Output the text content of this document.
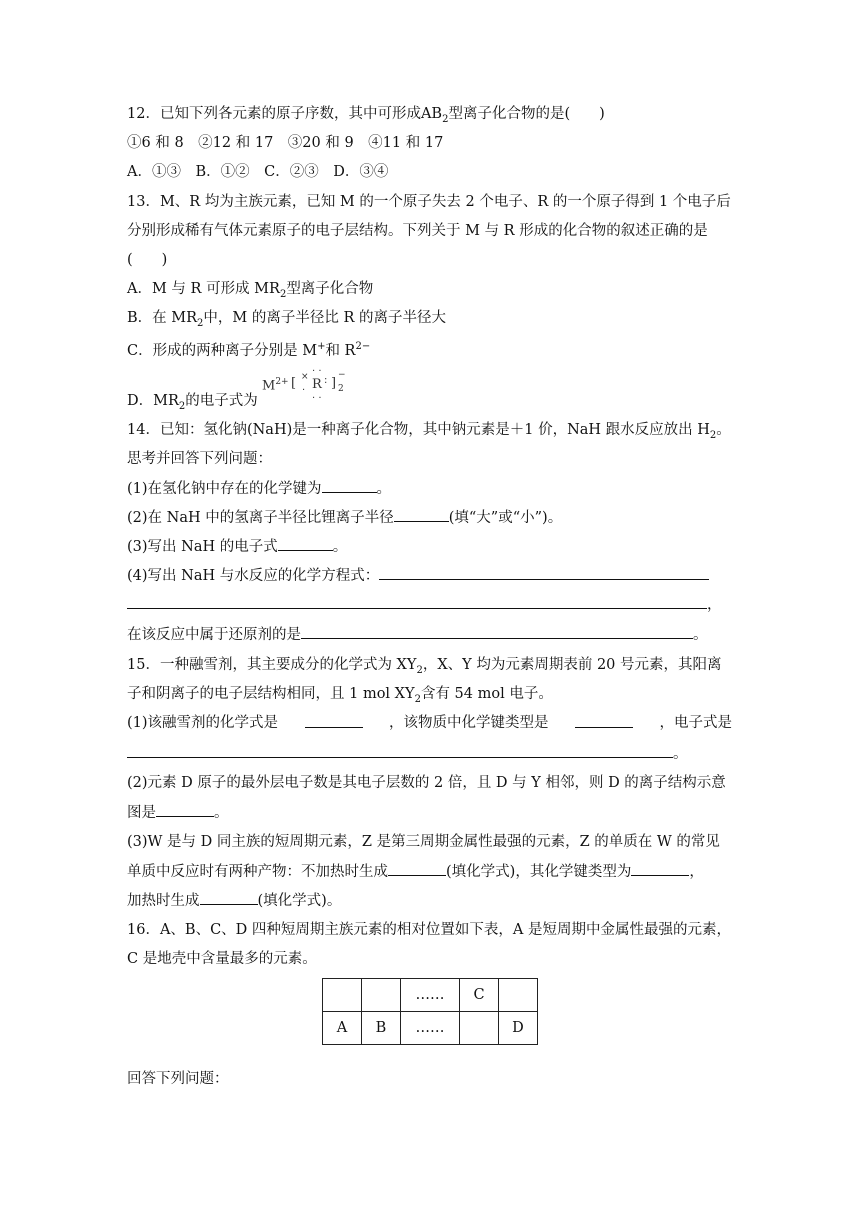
12．已知下列各元素的原子序数，其中可形成$AB_2$型离子化合物的是(　　)
①6 和 8　②12 和 17　③20 和 9　④11 和 17
A．①③　B．①②　C．②③　D．③④
13．M、R 均为主族元素，已知 M 的一个原子失去 2 个电子、R 的一个原子得到 1 个电子后
分别形成稀有气体元素原子的电子层结构。下列关于 M 与 R 形成的化合物的叙述正确的是
(　　)
A．M 与 R 可形成 $MR_2$型离子化合物
B．在 $MR_2$中，M 的离子半径比 R 的离子半径大
C．形成的两种离子分别是 M+和 $R^{2-}$
D．$MR_2$的电子式为
$M^{2+}$ [ ×
.
. .
R
. .
: ]
−
2
14．已知：氢化钠(NaH)是一种离子化合物，其中钠元素是＋1 价，NaH 跟水反应放出 $H_2$。
思考并回答下列问题：
(1)在氢化钠中存在的化学键为	。
(2)在 NaH 中的氢离子半径比锂离子半径	(填“大”或“小”)。
(3)写出 NaH 的电子式	。
(4)写出 NaH 与水反应的化学方程式：
，
在该反应中属于还原剂的是	。
15．一种融雪剂，其主要成分的化学式为 $XY_2$，X、Y 均为元素周期表前 20 号元素，其阳离
子和阴离子的电子层结构相同，且 1 mol $XY_2$含有 54 mol 电子。
(1)该融雪剂的化学式是	，该物质中化学键类型是	，电子式是
。
(2)元素 D 原子的最外层电子数是其电子层数的 2 倍，且 D 与 Y 相邻，则 D 的离子结构示意
图是	。
(3)W 是与 D 同主族的短周期元素，Z 是第三周期金属性最强的元素，Z 的单质在 W 的常见
单质中反应时有两种产物：不加热时生成	(填化学式)，其化学键类型为	，
加热时生成	(填化学式)。
16．A、B、C、D 四种短周期主族元素的相对位置如下表，A 是短周期中金属性最强的元素，
C 是地壳中含量最多的元素。
		……	C	
A	B	……		D
回答下列问题：
